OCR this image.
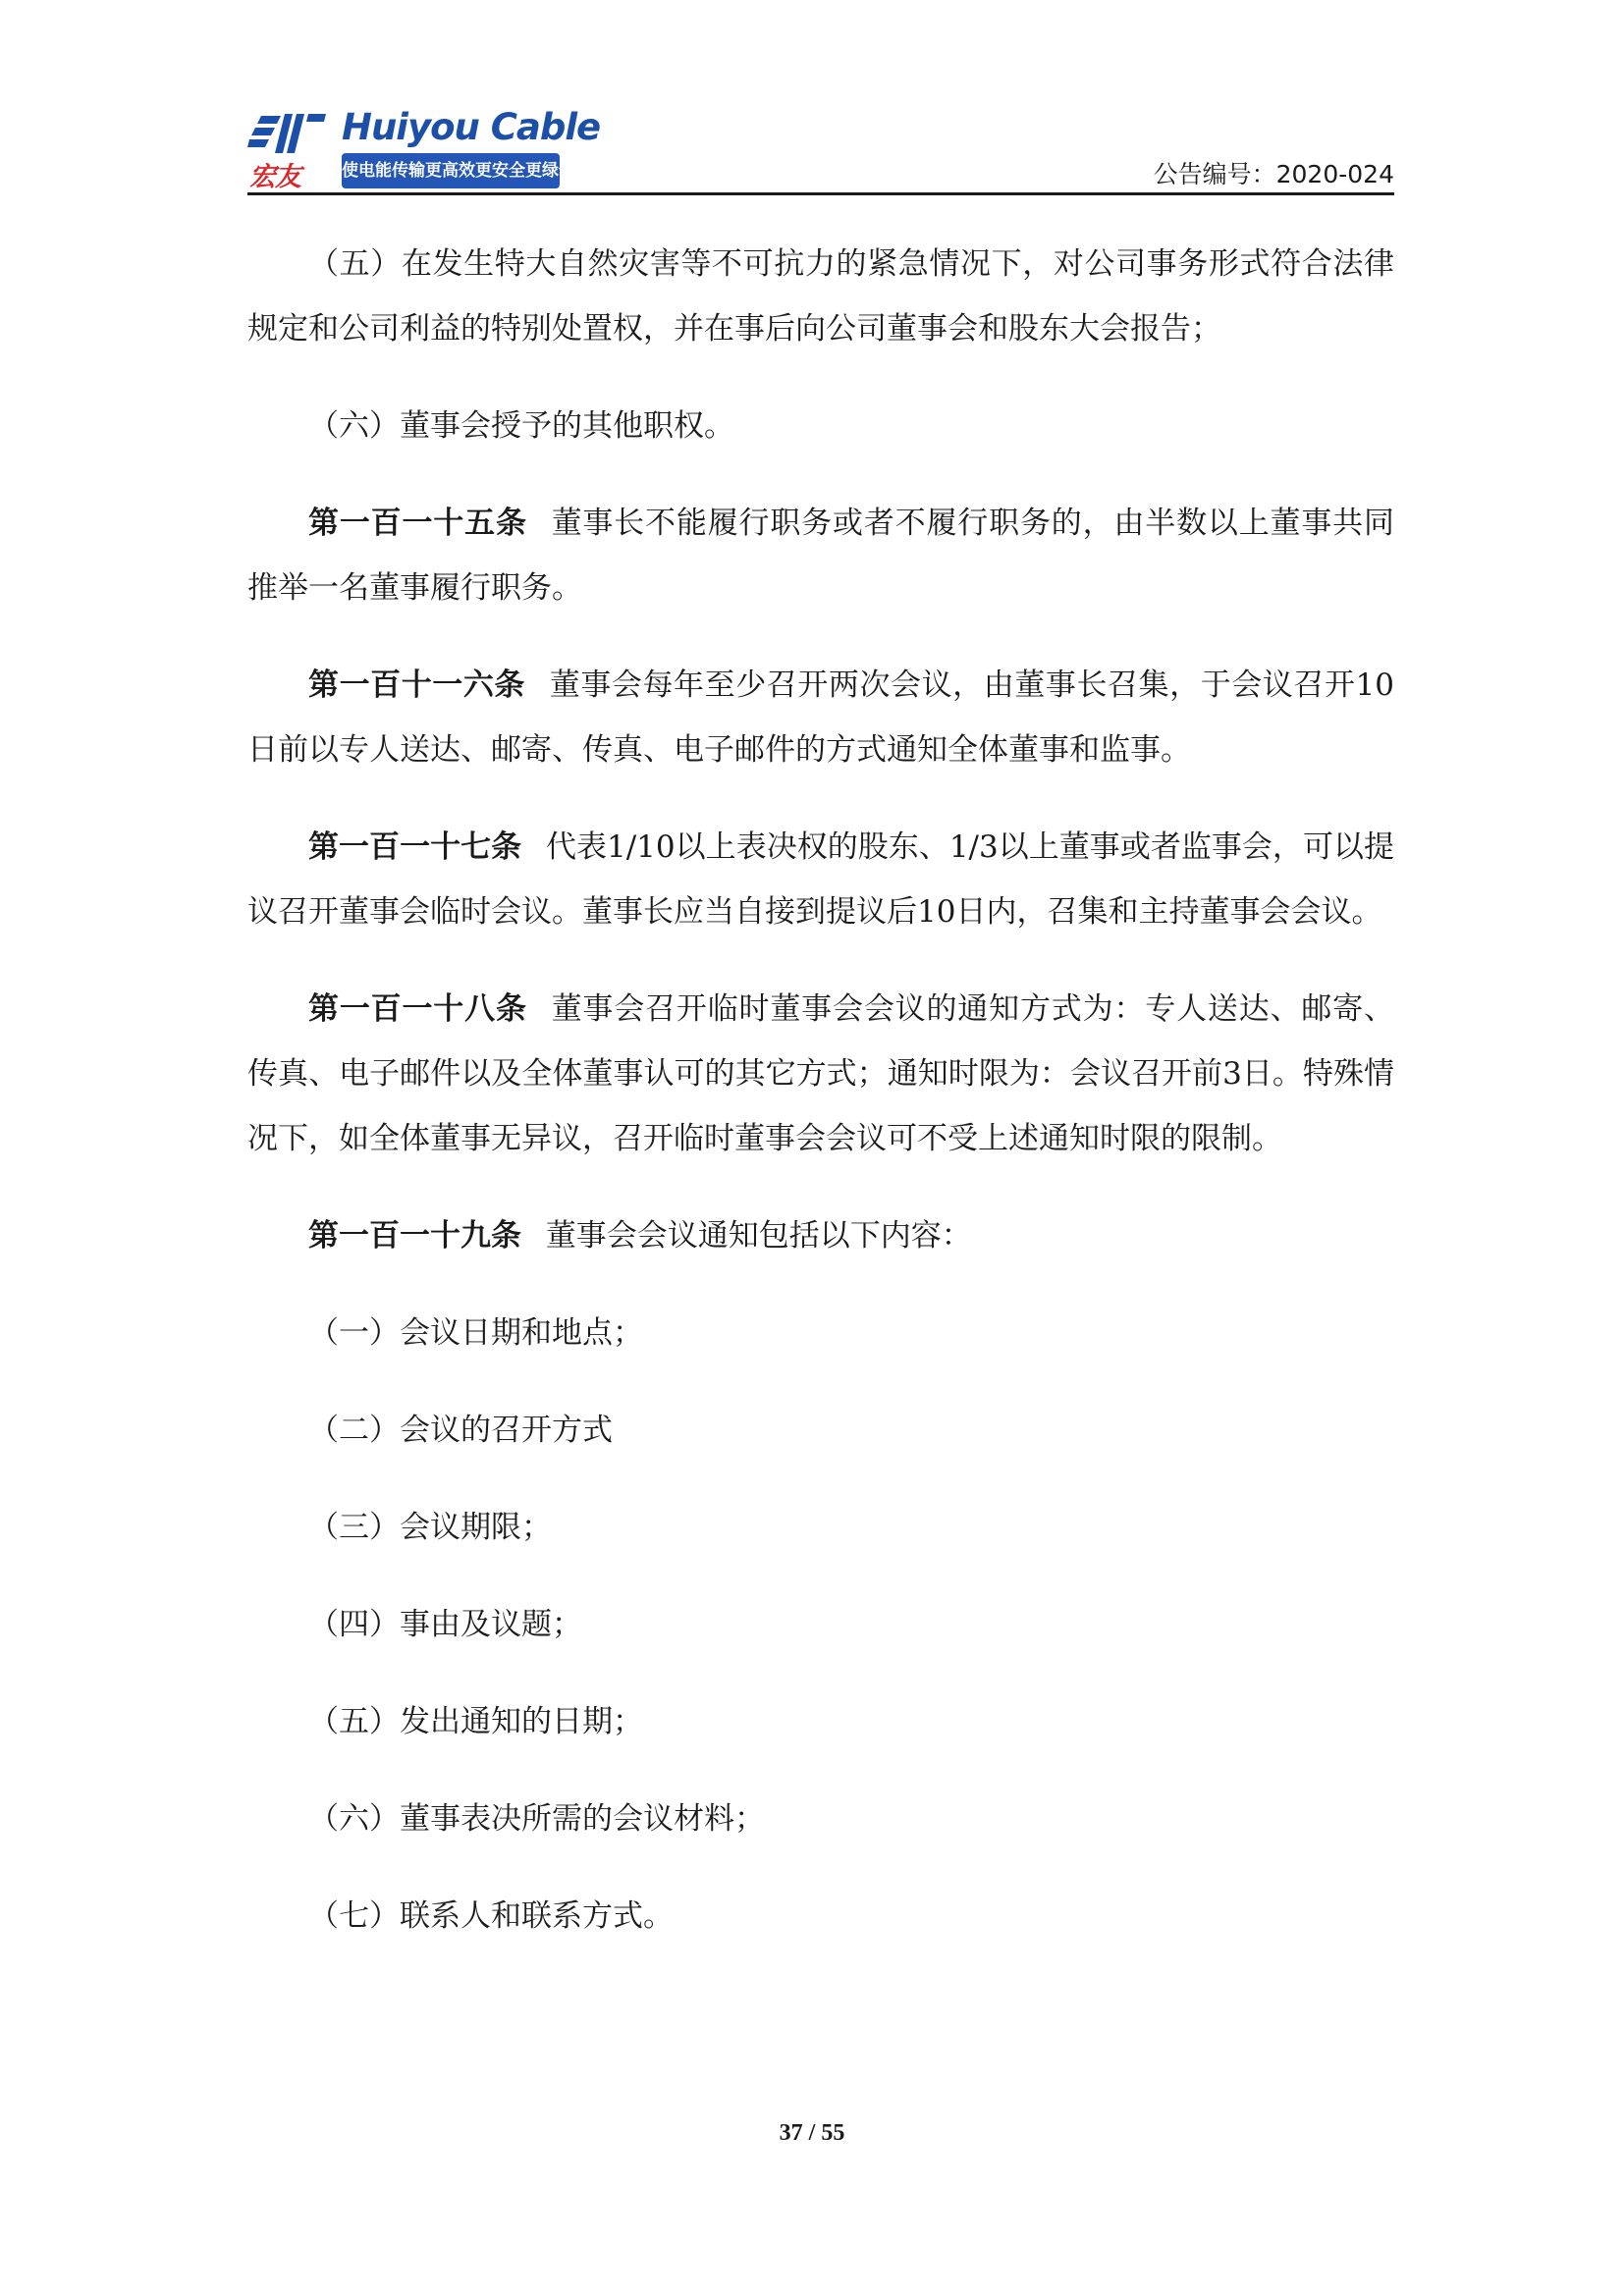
宏友
Huiyou Cable
使电能传输更高效更安全更绿色	公告编号：2020-024

（五）在发生特大自然灾害等不可抗力的紧急情况下，对公司事务形式符合法律规定和公司利益的特别处置权，并在事后向公司董事会和股东大会报告；

（六）董事会授予的其他职权。

第一百一十五条 董事长不能履行职务或者不履行职务的，由半数以上董事共同推举一名董事履行职务。

第一百十一六条 董事会每年至少召开两次会议，由董事长召集，于会议召开10日前以专人送达、邮寄、传真、电子邮件的方式通知全体董事和监事。

第一百一十七条 代表1/10以上表决权的股东、1/3以上董事或者监事会，可以提议召开董事会临时会议。董事长应当自接到提议后10日内，召集和主持董事会会议。

第一百一十八条 董事会召开临时董事会会议的通知方式为：专人送达、邮寄、传真、电子邮件以及全体董事认可的其它方式；通知时限为：会议召开前3日。特殊情况下，如全体董事无异议，召开临时董事会会议可不受上述通知时限的限制。

第一百一十九条 董事会会议通知包括以下内容：

（一）会议日期和地点；

（二）会议的召开方式

（三）会议期限；

（四）事由及议题；

（五）发出通知的日期；

（六）董事表决所需的会议材料；

（七）联系人和联系方式。

37 / 55
